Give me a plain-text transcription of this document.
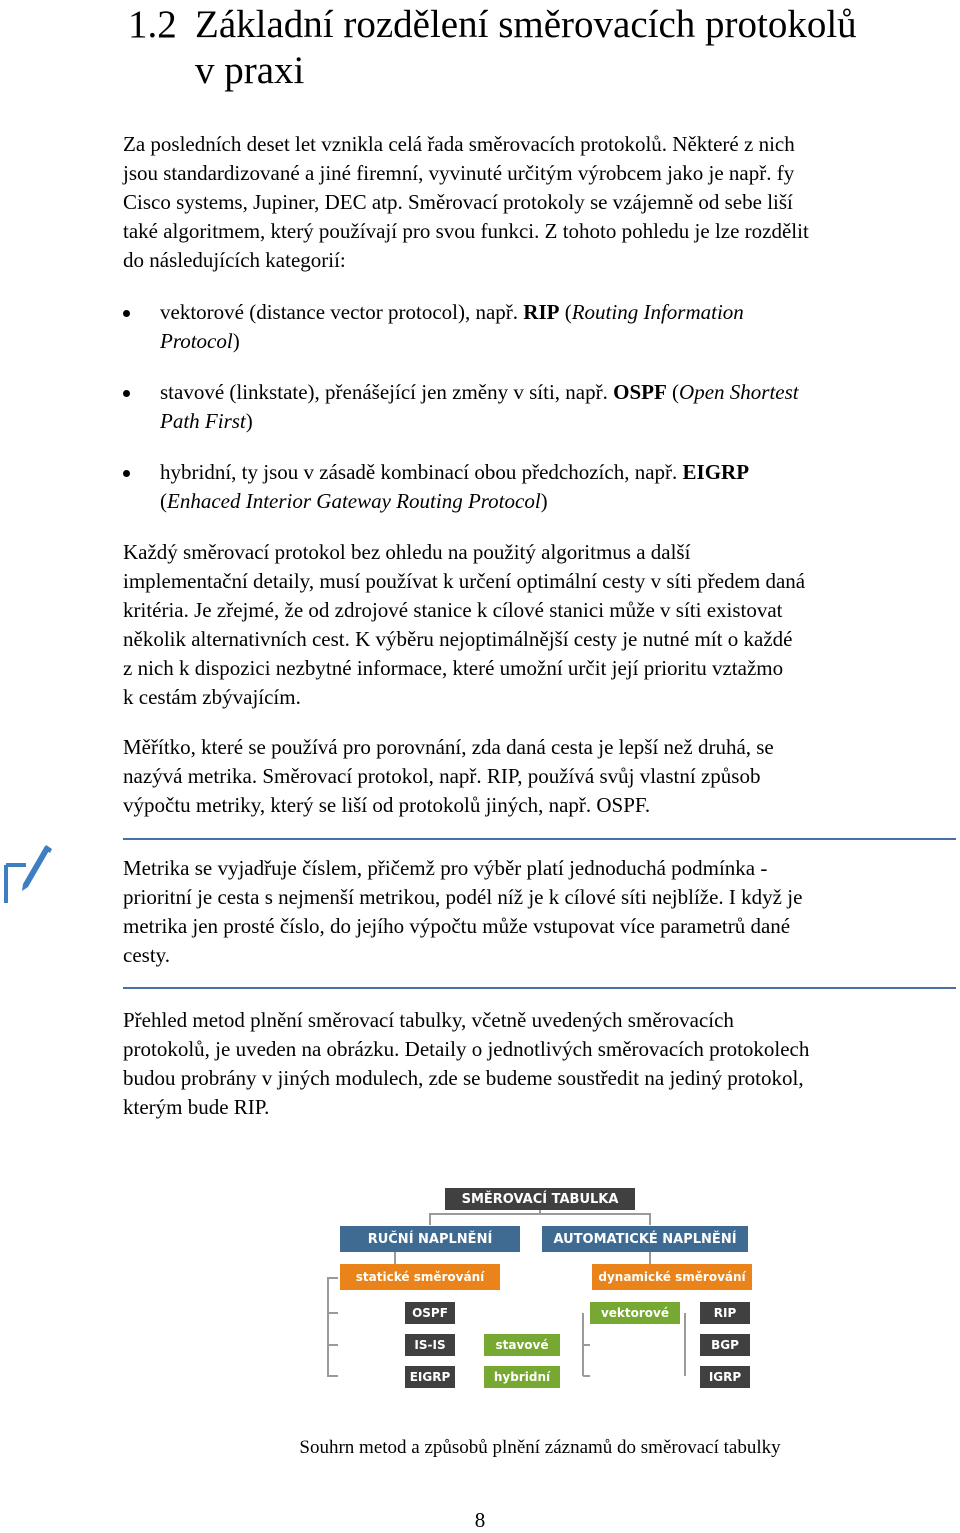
1.2 Základní rozdělení směrovacích protokolů
v praxi
Za posledních deset let vznikla celá řada směrovacích protokolů. Některé z nich
jsou standardizované a jiné firemní, vyvinuté určitým výrobcem jako je např. fy
Cisco systems, Jupiner, DEC atp. Směrovací protokoly se vzájemně od sebe liší
také algoritmem, který používají pro svou funkci. Z tohoto pohledu je lze rozdělit
do následujících kategorií:
vektorové (distance vector protocol), např. RIP (Routing Information
Protocol)
stavové (linkstate), přenášející jen změny v síti, např. OSPF (Open Shortest
Path First)
hybridní, ty jsou v zásadě kombinací obou předchozích, např. EIGRP
(Enhaced Interior Gateway Routing Protocol)
Každý směrovací protokol bez ohledu na použitý algoritmus a další
implementační detaily, musí používat k určení optimální cesty v síti předem daná
kritéria. Je zřejmé, že od zdrojové stanice k cílové stanici může v síti existovat
několik alternativních cest. K výběru nejoptimálnější cesty je nutné mít o každé
z nich k dispozici nezbytné informace, které umožní určit její prioritu vztažmo
k cestám zbývajícím.
Měřítko, které se používá pro porovnání, zda daná cesta je lepší než druhá, se
nazývá metrika. Směrovací protokol, např. RIP, používá svůj vlastní způsob
výpočtu metriky, který se liší od protokolů jiných, např. OSPF.
Metrika se vyjadřuje číslem, přičemž pro výběr platí jednoduchá podmínka -
prioritní je cesta s nejmenší metrikou, podél níž je k cílové síti nejblíže. I když je
metrika jen prosté číslo, do jejího výpočtu může vstupovat více parametrů dané
cesty.
Přehled metod plnění směrovací tabulky, včetně uvedených směrovacích
protokolů, je uveden na obrázku. Detaily o jednotlivých směrovacích protokolech
budou probrány v jiných modulech, zde se budeme soustředit na jediný protokol,
kterým bude RIP.
SMĚROVACÍ TABULKA
RUČNÍ NAPLNĚNÍ	AUTOMATICKÉ NAPLNĚNÍ
statické směrování	dynamické směrování
OSPF
IS-IS
EIGRP
vektorové
stavové
hybridní
RIP
BGP
IGRP
Souhrn metod a způsobů plnění záznamů do směrovací tabulky
8
